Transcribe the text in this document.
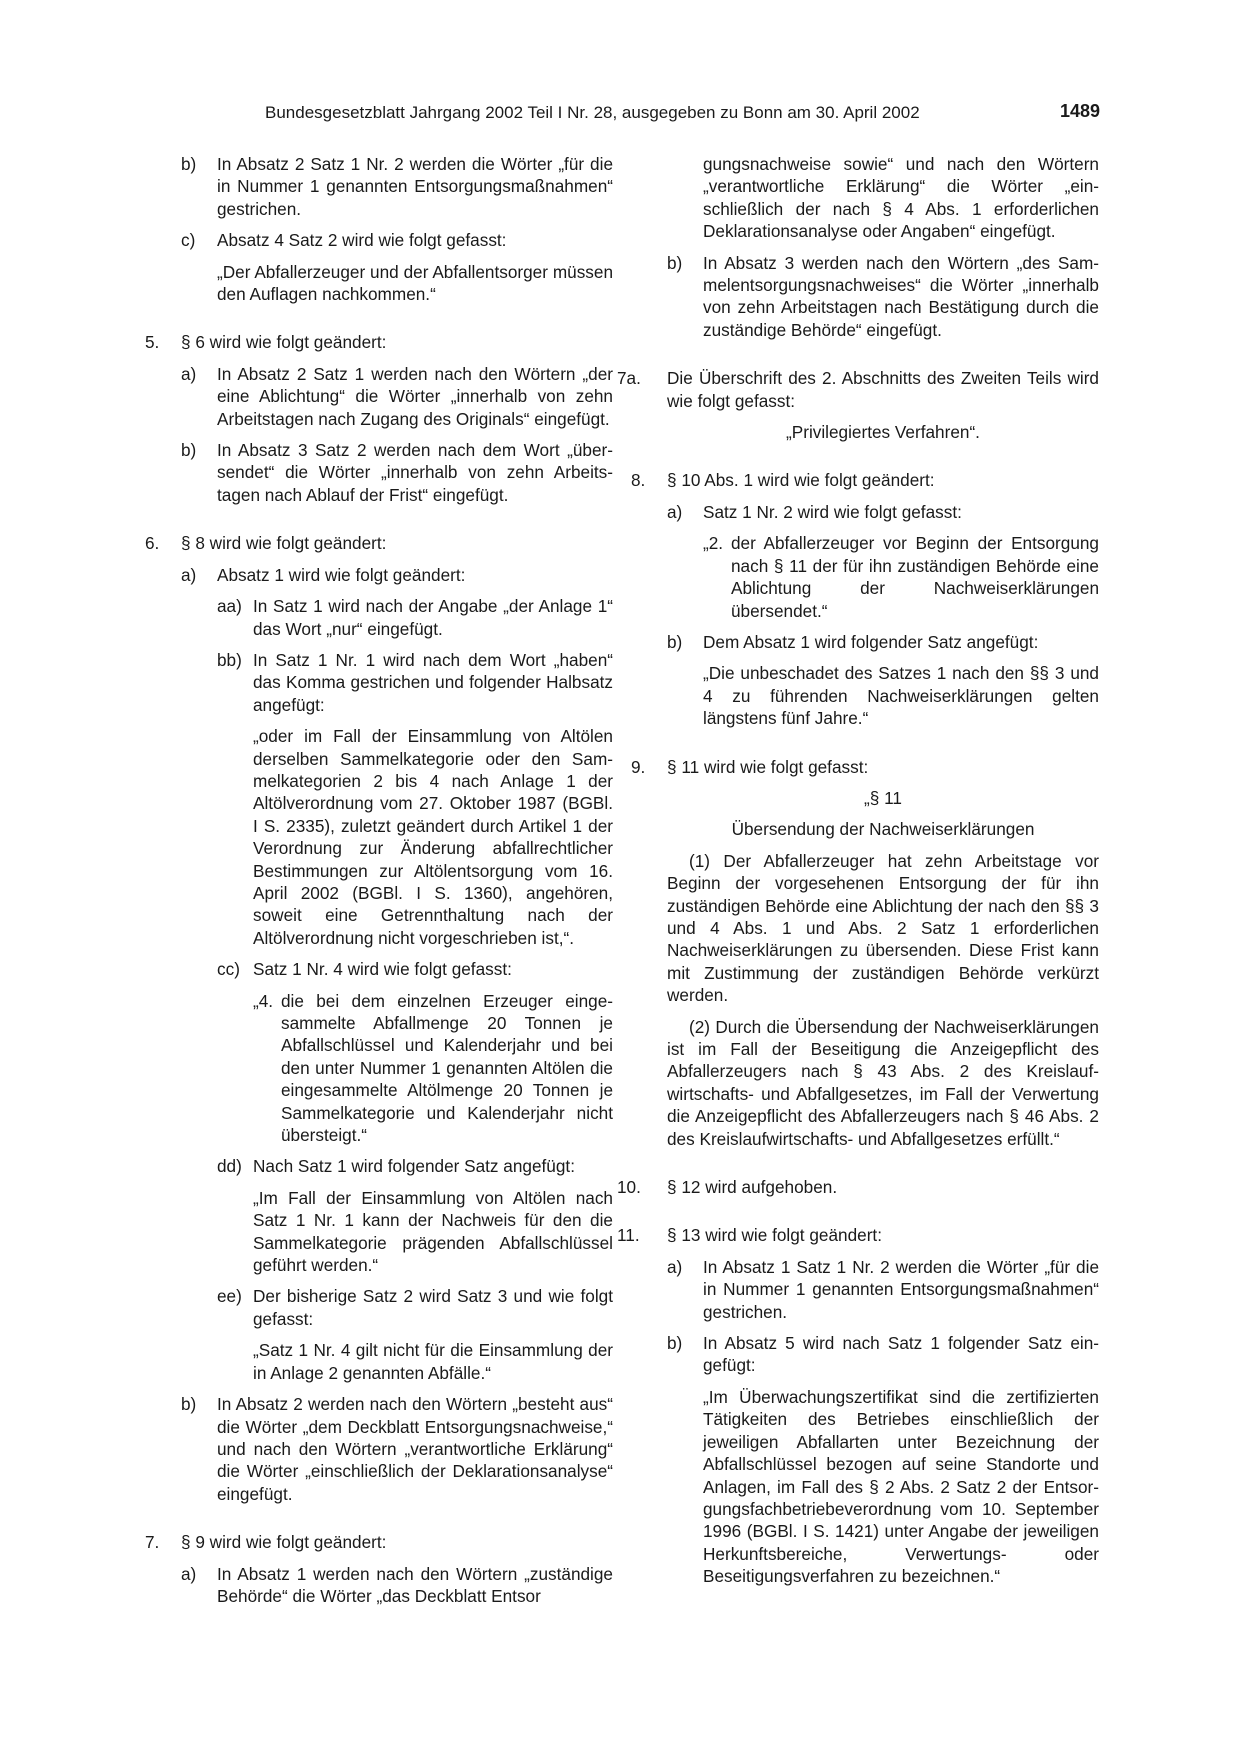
Bundesgesetzblatt Jahrgang 2002 Teil I Nr. 28, ausgegeben zu Bonn am 30. April 2002	1489
b)	In Absatz 2 Satz 1 Nr. 2 werden die Wörter „für die in Nummer 1 genannten Entsorgungsmaßnahmen“ gestrichen.

c)	Absatz 4 Satz 2 wird wie folgt gefasst:

„Der Abfallerzeuger und der Abfallentsorger müssen den Auflagen nachkommen.“

5.	§ 6 wird wie folgt geändert:

a)	In Absatz 2 Satz 1 werden nach den Wörtern „der eine Ablichtung“ die Wörter „innerhalb von zehn Arbeitstagen nach Zugang des Originals“ eingefügt.

b)	In Absatz 3 Satz 2 werden nach dem Wort „übersendet“ die Wörter „innerhalb von zehn Arbeitstagen nach Ablauf der Frist“ eingefügt.

6.	§ 8 wird wie folgt geändert:

a)	Absatz 1 wird wie folgt geändert:

aa) In Satz 1 wird nach der Angabe „der Anlage 1“ das Wort „nur“ eingefügt.

bb) In Satz 1 Nr. 1 wird nach dem Wort „haben“ das Komma gestrichen und folgender Halbsatz angefügt:

„oder im Fall der Einsammlung von Altölen derselben Sammelkategorie oder den Sammelkategorien 2 bis 4 nach Anlage 1 der Altölverordnung vom 27. Oktober 1987 (BGBl. I S. 2335), zuletzt geändert durch Artikel 1 der Verordnung zur Änderung abfallrechtlicher Bestimmungen zur Altölentsorgung vom 16. April 2002 (BGBl. I S. 1360), angehören, soweit eine Getrennthaltung nach der Altölverordnung nicht vorgeschrieben ist,“.

cc) Satz 1 Nr. 4 wird wie folgt gefasst:

„4. die bei dem einzelnen Erzeuger eingesammelte Abfallmenge 20 Tonnen je Abfallschlüssel und Kalenderjahr und bei den unter Nummer 1 genannten Altölen die eingesammelte Altölmenge 20 Tonnen je Sammelkategorie und Kalenderjahr nicht übersteigt.“

dd) Nach Satz 1 wird folgender Satz angefügt:

„Im Fall der Einsammlung von Altölen nach Satz 1 Nr. 1 kann der Nachweis für den die Sammelkategorie prägenden Abfallschlüssel geführt werden.“

ee) Der bisherige Satz 2 wird Satz 3 und wie folgt gefasst:

„Satz 1 Nr. 4 gilt nicht für die Einsammlung der in Anlage 2 genannten Abfälle.“

b)	In Absatz 2 werden nach den Wörtern „besteht aus“ die Wörter „dem Deckblatt Entsorgungsnachweise,“ und nach den Wörtern „verantwortliche Erklärung“ die Wörter „einschließlich der Deklarationsanalyse“ eingefügt.

7.	§ 9 wird wie folgt geändert:

a)	In Absatz 1 werden nach den Wörtern „zuständige Behörde“ die Wörter „das Deckblatt Entsor

gungsnachweise sowie“ und nach den Wörtern „verantwortliche Erklärung“ die Wörter „einschließlich der nach § 4 Abs. 1 erforderlichen Deklarationsanalyse oder Angaben“ eingefügt.

b)	In Absatz 3 werden nach den Wörtern „des Sammelentsorgungsnachweises“ die Wörter „innerhalb von zehn Arbeitstagen nach Bestätigung durch die zuständige Behörde“ eingefügt.

7a.	Die Überschrift des 2. Abschnitts des Zweiten Teils wird wie folgt gefasst:

„Privilegiertes Verfahren“.

8.	§ 10 Abs. 1 wird wie folgt geändert:

a)	Satz 1 Nr. 2 wird wie folgt gefasst:

„2. der Abfallerzeuger vor Beginn der Entsorgung nach § 11 der für ihn zuständigen Behörde eine Ablichtung der Nachweiserklärungen übersendet.“

b)	Dem Absatz 1 wird folgender Satz angefügt:

„Die unbeschadet des Satzes 1 nach den §§ 3 und 4 zu führenden Nachweiserklärungen gelten längstens fünf Jahre.“

9.	§ 11 wird wie folgt gefasst:

„§ 11

Übersendung der Nachweiserklärungen

(1) Der Abfallerzeuger hat zehn Arbeitstage vor Beginn der vorgesehenen Entsorgung der für ihn zuständigen Behörde eine Ablichtung der nach den §§ 3 und 4 Abs. 1 und Abs. 2 Satz 1 erforderlichen Nachweiserklärungen zu übersenden. Diese Frist kann mit Zustimmung der zuständigen Behörde verkürzt werden.

(2) Durch die Übersendung der Nachweiserklärungen ist im Fall der Beseitigung die Anzeigepflicht des Abfallerzeugers nach § 43 Abs. 2 des Kreislaufwirtschafts- und Abfallgesetzes, im Fall der Verwertung die Anzeigepflicht des Abfallerzeugers nach § 46 Abs. 2 des Kreislaufwirtschafts- und Abfallgesetzes erfüllt.“

10.	§ 12 wird aufgehoben.

11.	§ 13 wird wie folgt geändert:

a)	In Absatz 1 Satz 1 Nr. 2 werden die Wörter „für die in Nummer 1 genannten Entsorgungsmaßnahmen“ gestrichen.

b)	In Absatz 5 wird nach Satz 1 folgender Satz eingefügt:

„Im Überwachungszertifikat sind die zertifizierten Tätigkeiten des Betriebes einschließlich der jeweiligen Abfallarten unter Bezeichnung der Abfallschlüssel bezogen auf seine Standorte und Anlagen, im Fall des § 2 Abs. 2 Satz 2 der Entsorgungsfachbetriebeverordnung vom 10. September 1996 (BGBl. I S. 1421) unter Angabe der jeweiligen Herkunftsbereiche, Verwertungs- oder Beseitigungsverfahren zu bezeichnen.“
